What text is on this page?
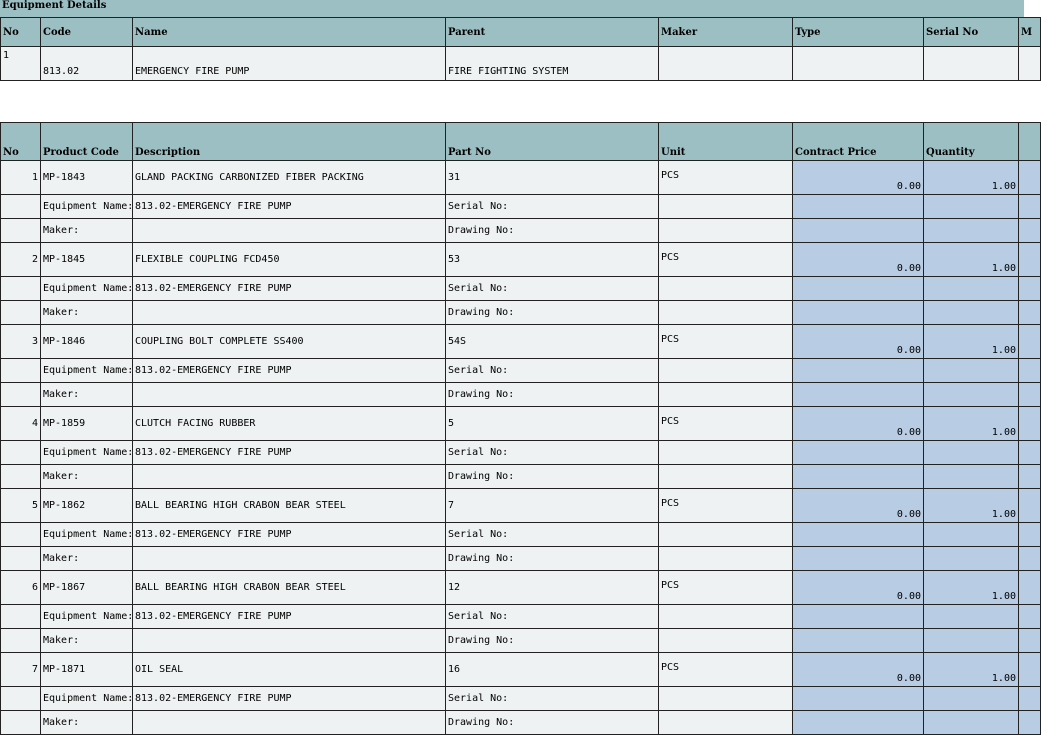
Equipment Details
No	Code	Name	Parent	Maker	Type	Serial No	M
1	813.02	EMERGENCY FIRE PUMP	FIRE FIGHTING SYSTEM				
No	Product Code	Description	Part No	Unit	Contract Price	Quantity	
1	MP-1843	GLAND PACKING CARBONIZED FIBER PACKING	31	PCS	0.00	1.00	
	Equipment Name:	813.02-EMERGENCY FIRE PUMP	Serial No:				
	Maker:		Drawing No:				
2	MP-1845	FLEXIBLE COUPLING FCD450	53	PCS	0.00	1.00	
	Equipment Name:	813.02-EMERGENCY FIRE PUMP	Serial No:				
	Maker:		Drawing No:				
3	MP-1846	COUPLING BOLT COMPLETE SS400	54S	PCS	0.00	1.00	
	Equipment Name:	813.02-EMERGENCY FIRE PUMP	Serial No:				
	Maker:		Drawing No:				
4	MP-1859	CLUTCH FACING RUBBER	5	PCS	0.00	1.00	
	Equipment Name:	813.02-EMERGENCY FIRE PUMP	Serial No:				
	Maker:		Drawing No:				
5	MP-1862	BALL BEARING HIGH CRABON BEAR STEEL	7	PCS	0.00	1.00	
	Equipment Name:	813.02-EMERGENCY FIRE PUMP	Serial No:				
	Maker:		Drawing No:				
6	MP-1867	BALL BEARING HIGH CRABON BEAR STEEL	12	PCS	0.00	1.00	
	Equipment Name:	813.02-EMERGENCY FIRE PUMP	Serial No:				
	Maker:		Drawing No:				
7	MP-1871	OIL SEAL	16	PCS	0.00	1.00	
	Equipment Name:	813.02-EMERGENCY FIRE PUMP	Serial No:				
	Maker:		Drawing No:				
